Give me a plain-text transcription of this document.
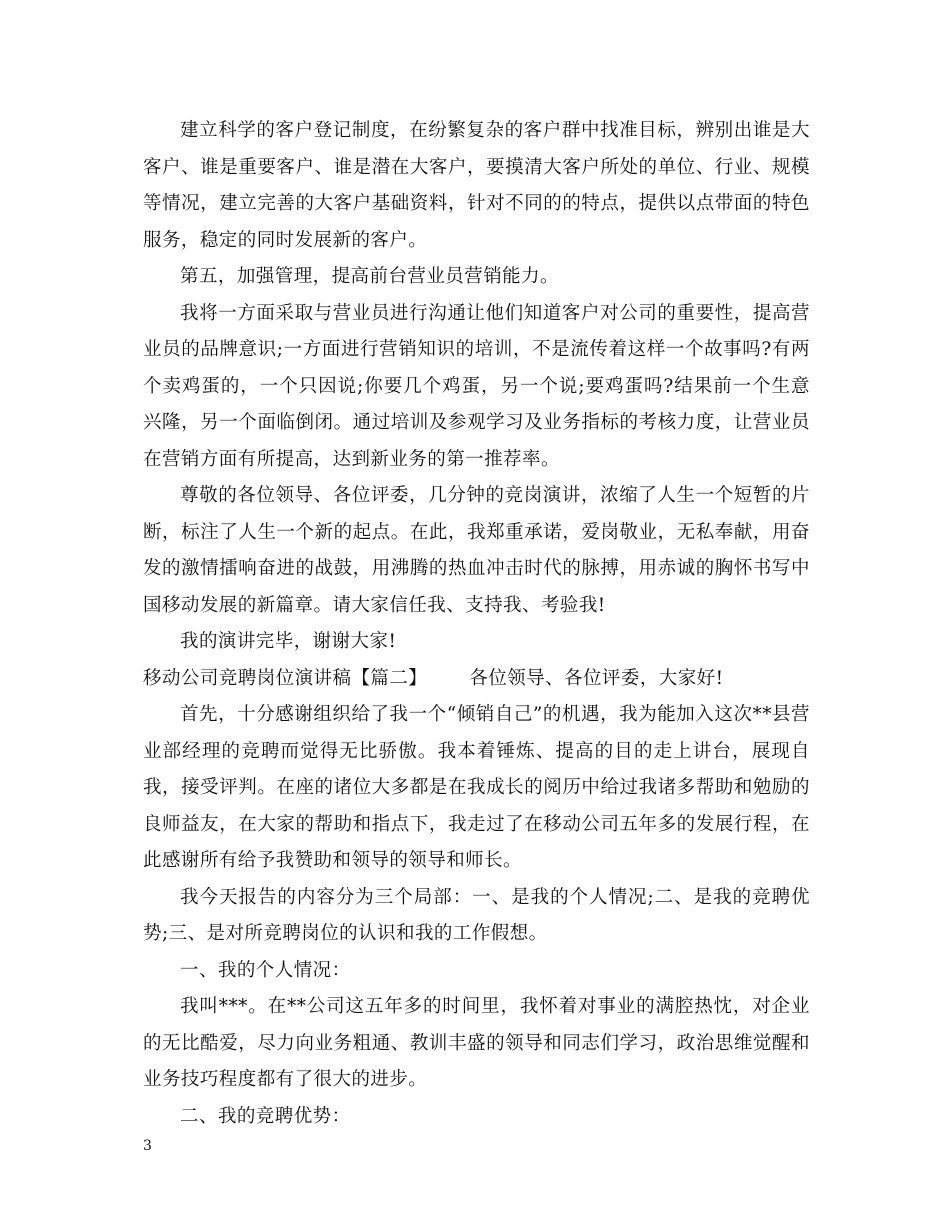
建立科学的客户登记制度，在纷繁复杂的客户群中找准目标，辨别出谁是大客户、谁是重要客户、谁是潜在大客户，要摸清大客户所处的单位、行业、规模等情况，建立完善的大客户基础资料，针对不同的的特点，提供以点带面的特色服务，稳定的同时发展新的客户。

第五，加强管理，提高前台营业员营销能力。

我将一方面采取与营业员进行沟通让他们知道客户对公司的重要性，提高营业员的品牌意识;一方面进行营销知识的培训，不是流传着这样一个故事吗?有两个卖鸡蛋的，一个只因说;你要几个鸡蛋，另一个说;要鸡蛋吗?结果前一个生意兴隆，另一个面临倒闭。通过培训及参观学习及业务指标的考核力度，让营业员在营销方面有所提高，达到新业务的第一推荐率。

尊敬的各位领导、各位评委，几分钟的竞岗演讲，浓缩了人生一个短暂的片断，标注了人生一个新的起点。在此，我郑重承诺，爱岗敬业，无私奉献，用奋发的激情擂响奋进的战鼓，用沸腾的热血冲击时代的脉搏，用赤诚的胸怀书写中国移动发展的新篇章。请大家信任我、支持我、考验我!

我的演讲完毕，谢谢大家!

移动公司竞聘岗位演讲稿【篇二】 各位领导、各位评委，大家好!

首先，十分感谢组织给了我一个“倾销自己”的机遇，我为能加入这次**县营业部经理的竞聘而觉得无比骄傲。我本着锤炼、提高的目的走上讲台，展现自我，接受评判。在座的诸位大多都是在我成长的阅历中给过我诸多帮助和勉励的良师益友，在大家的帮助和指点下，我走过了在移动公司五年多的发展行程，在此感谢所有给予我赞助和领导的领导和师长。

我今天报告的内容分为三个局部：一、是我的个人情况;二、是我的竞聘优势;三、是对所竞聘岗位的认识和我的工作假想。

一、我的个人情况：

我叫***。在**公司这五年多的时间里，我怀着对事业的满腔热忱，对企业的无比酷爱，尽力向业务粗通、教训丰盛的领导和同志们学习，政治思维觉醒和业务技巧程度都有了很大的进步。

二、我的竞聘优势：

3
